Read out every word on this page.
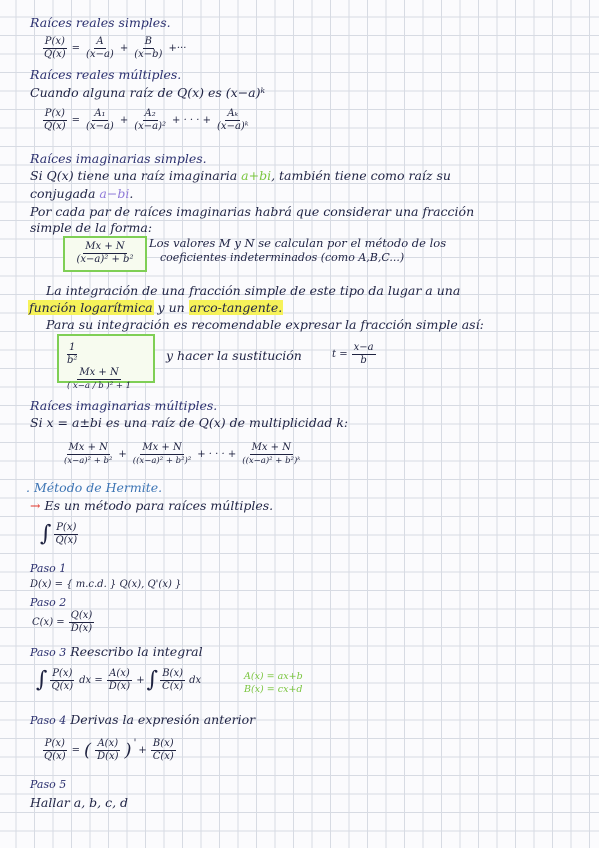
Raíces reales simples.
$\frac{P(x)}{Q(x)} = \frac{A}{(x-a)} + \frac{B}{(x-b)}$ +···
Raíces reales múltiples.
Cuando alguna raíz de Q(x) es (x−a)ᵏ
$\frac{P(x)}{Q(x)} = \frac{\text{A₁}}{(x-a)} + \frac{\text{A₂}}{\text{(x−a)²}}$ + · · · + $\frac{\text{Aₖ}}{\text{(x−a)ᵏ}}$
Raíces imaginarias simples.
Si Q(x) tiene una raíz imaginaria a+bi, también tiene como raíz su
conjugada a−bi.
Por cada par de raíces imaginarias habrá que considerar una fracción
simple de la forma:
$\frac{Mx + N}{\text{(x−a)² + b²}}$ Los valores M y N se calculan por el método de los
coeficientes indeterminados (como A,B,C...)
La integración de una fracción simple de este tipo da lugar a una
función logarítmica y un arco-tangente.
Para su integración es recomendable expresar la fracción simple así:
$\frac{1}{\text{b²}}$
$\frac{Mx + N}{\text{( x−a / b )² + 1}}$
y hacer la sustitución	$t = \frac{x-a}{b}$
Raíces imaginarias múltiples.
Si x = a±bi es una raíz de Q(x) de multiplicidad k:
$\frac{Mx + N}{\text{(x−a)² + b²}} + \frac{Mx + N}{\text{((x−a)² + b²)²}}$ + · · · + $\frac{Mx + N}{\text{((x−a)² + b²)ᵏ}}$
. Método de Hermite.
→ Es un método para raíces múltiples.
∫ $\frac{P(x)}{Q(x)}$
Paso 1
D(x) = { m.c.d. } Q(x), Q'(x) }
Paso 2
$C(x) = \frac{Q(x)}{D(x)}$
Paso 3 Reescribo la integral
∫ $\frac{P(x)}{Q(x)}$ dx = $\frac{A(x)}{D(x)}$ +∫ $\frac{B(x)}{C(x)}$ dx	A(x) = ax+b
B(x) = cx+d
Paso 4 Derivas la expresión anterior
$\frac{P(x)}{Q(x)}$ = ( $\frac{A(x)}{D(x)}$ ) '+ $\frac{B(x)}{C(x)}$
Paso 5
Hallar a, b, c, d
